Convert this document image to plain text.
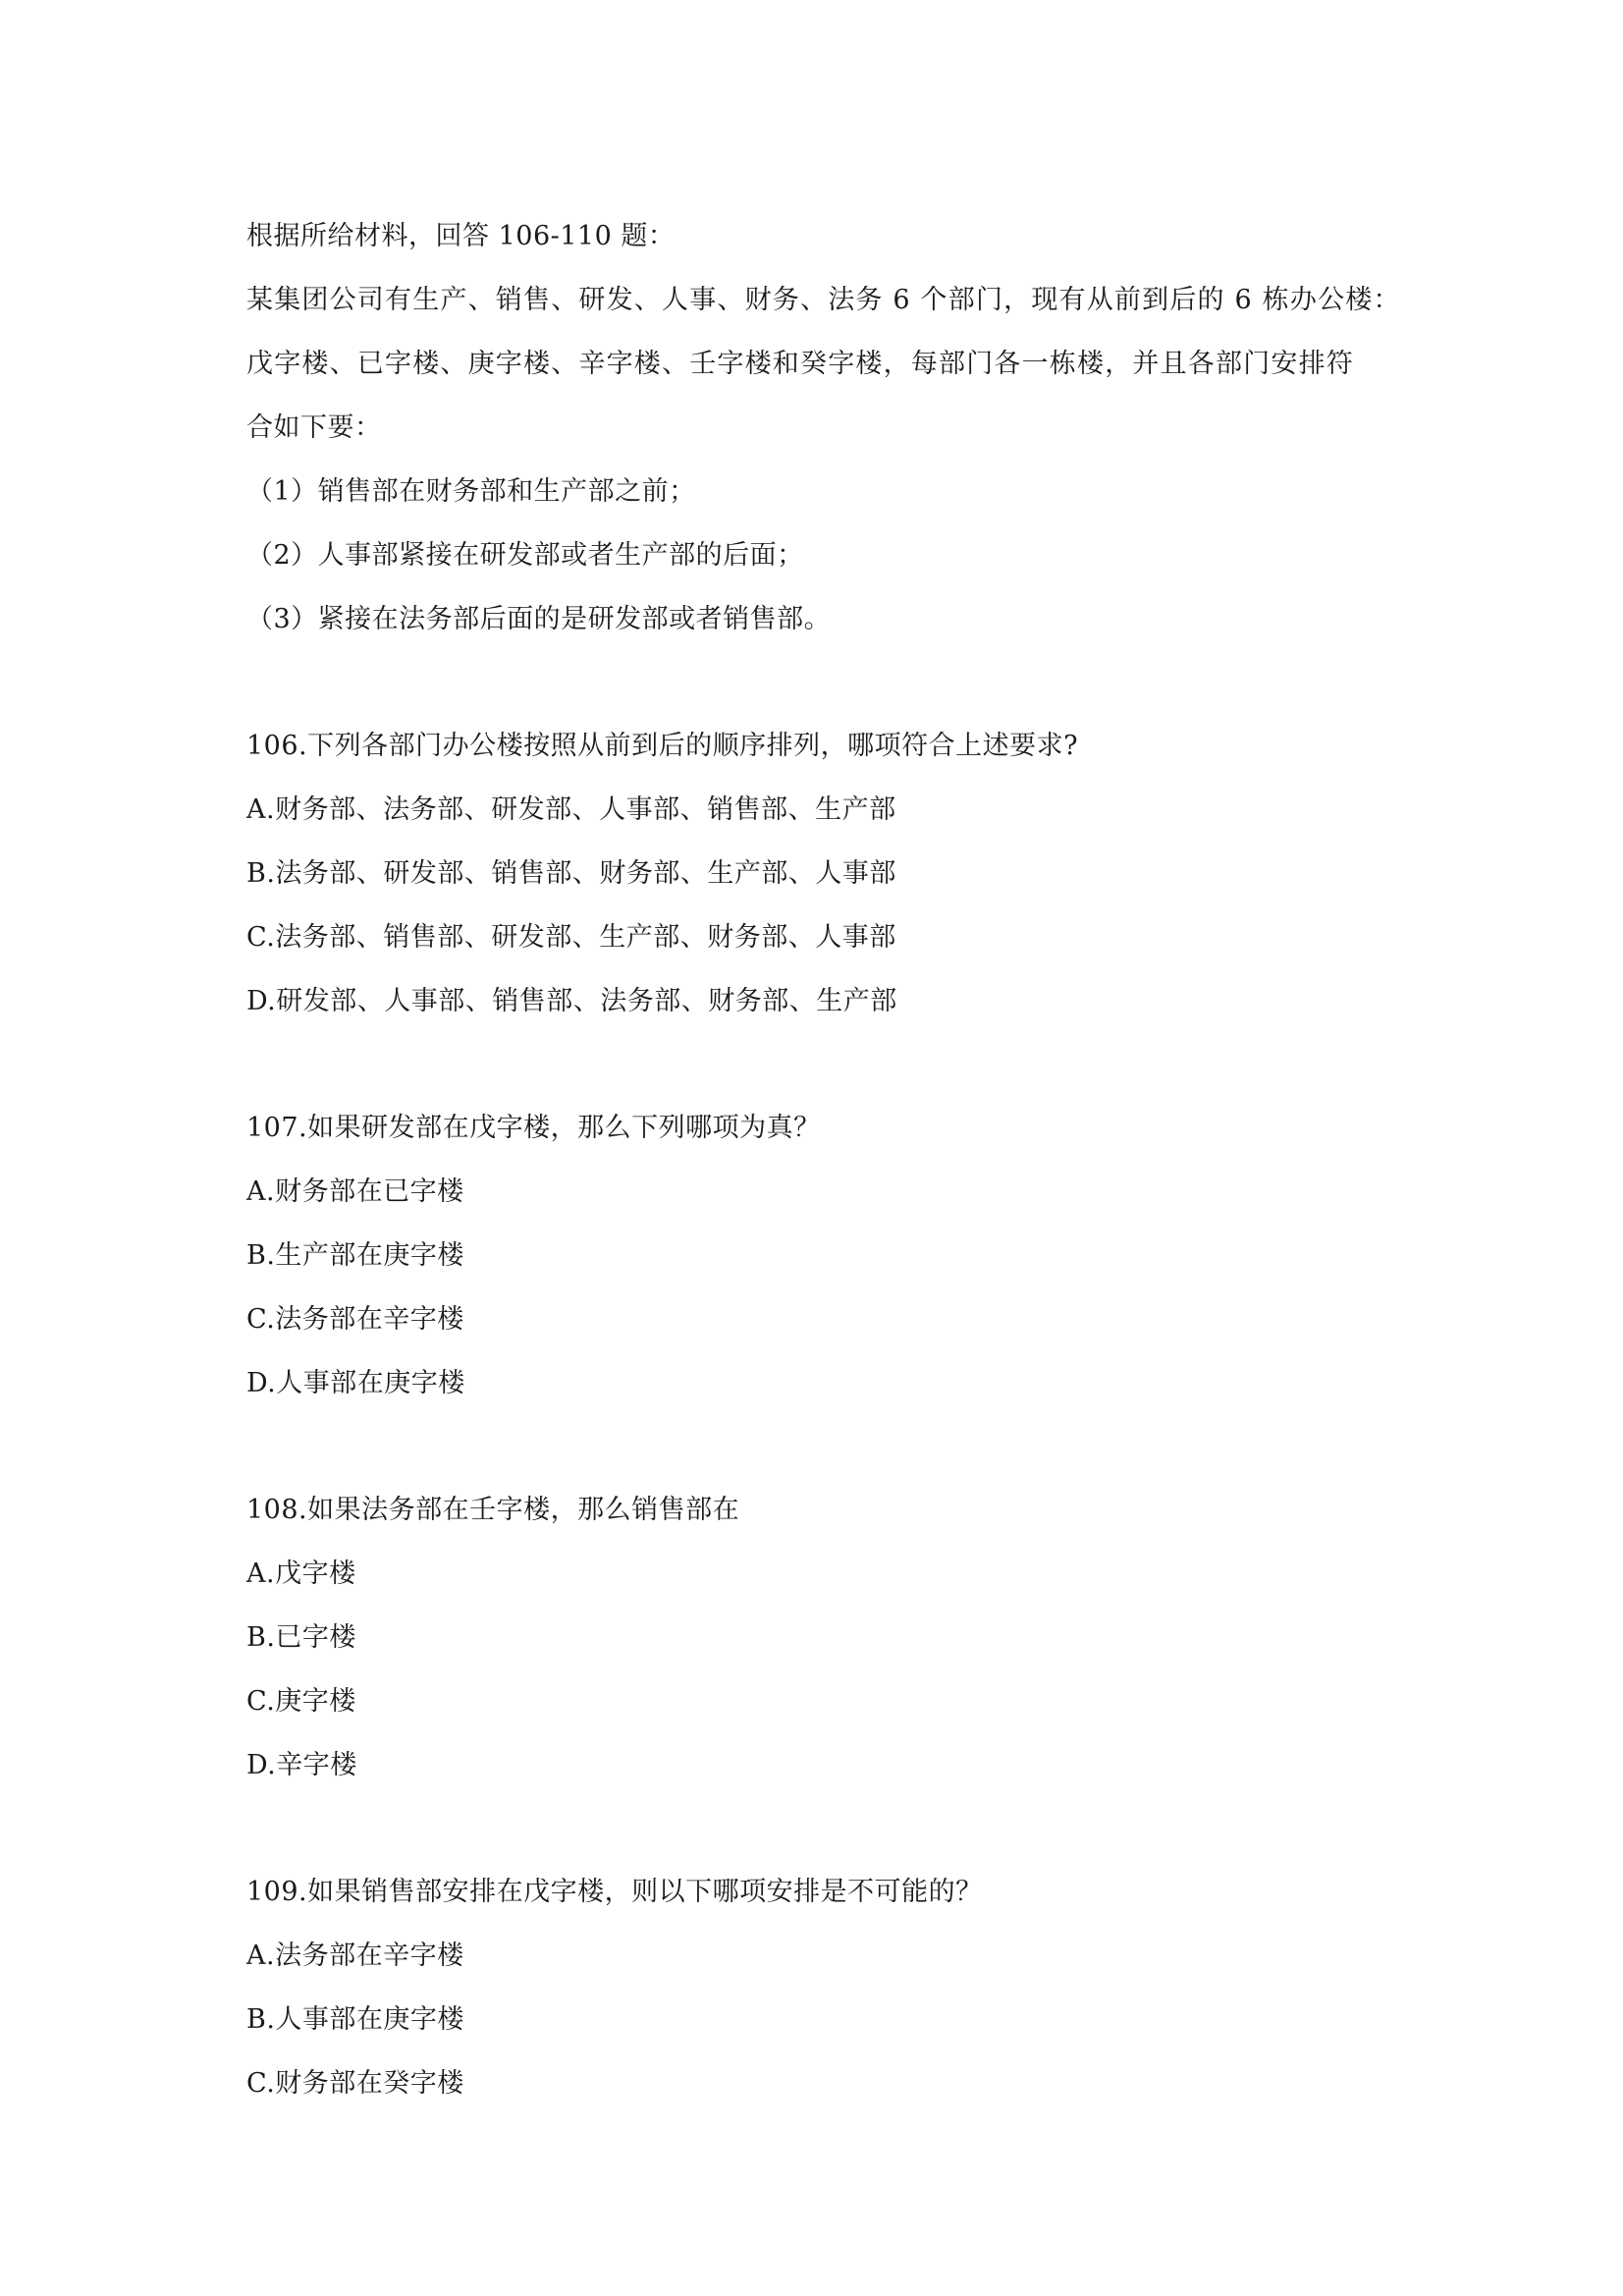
根据所给材料，回答 106-110 题：
某集团公司有生产、销售、研发、人事、财务、法务 6 个部门，现有从前到后的 6 栋办公楼：
戊字楼、已字楼、庚字楼、辛字楼、壬字楼和癸字楼，每部门各一栋楼，并且各部门安排符
合如下要：
（1）销售部在财务部和生产部之前；
（2）人事部紧接在研发部或者生产部的后面；
（3）紧接在法务部后面的是研发部或者销售部。
106.下列各部门办公楼按照从前到后的顺序排列，哪项符合上述要求?
A.财务部、法务部、研发部、人事部、销售部、生产部
B.法务部、研发部、销售部、财务部、生产部、人事部
C.法务部、销售部、研发部、生产部、财务部、人事部
D.研发部、人事部、销售部、法务部、财务部、生产部
107.如果研发部在戊字楼，那么下列哪项为真？
A.财务部在已字楼
B.生产部在庚字楼
C.法务部在辛字楼
D.人事部在庚字楼
108.如果法务部在壬字楼，那么销售部在
A.戊字楼
B.已字楼
C.庚字楼
D.辛字楼
109.如果销售部安排在戊字楼，则以下哪项安排是不可能的？
A.法务部在辛字楼
B.人事部在庚字楼
C.财务部在癸字楼
